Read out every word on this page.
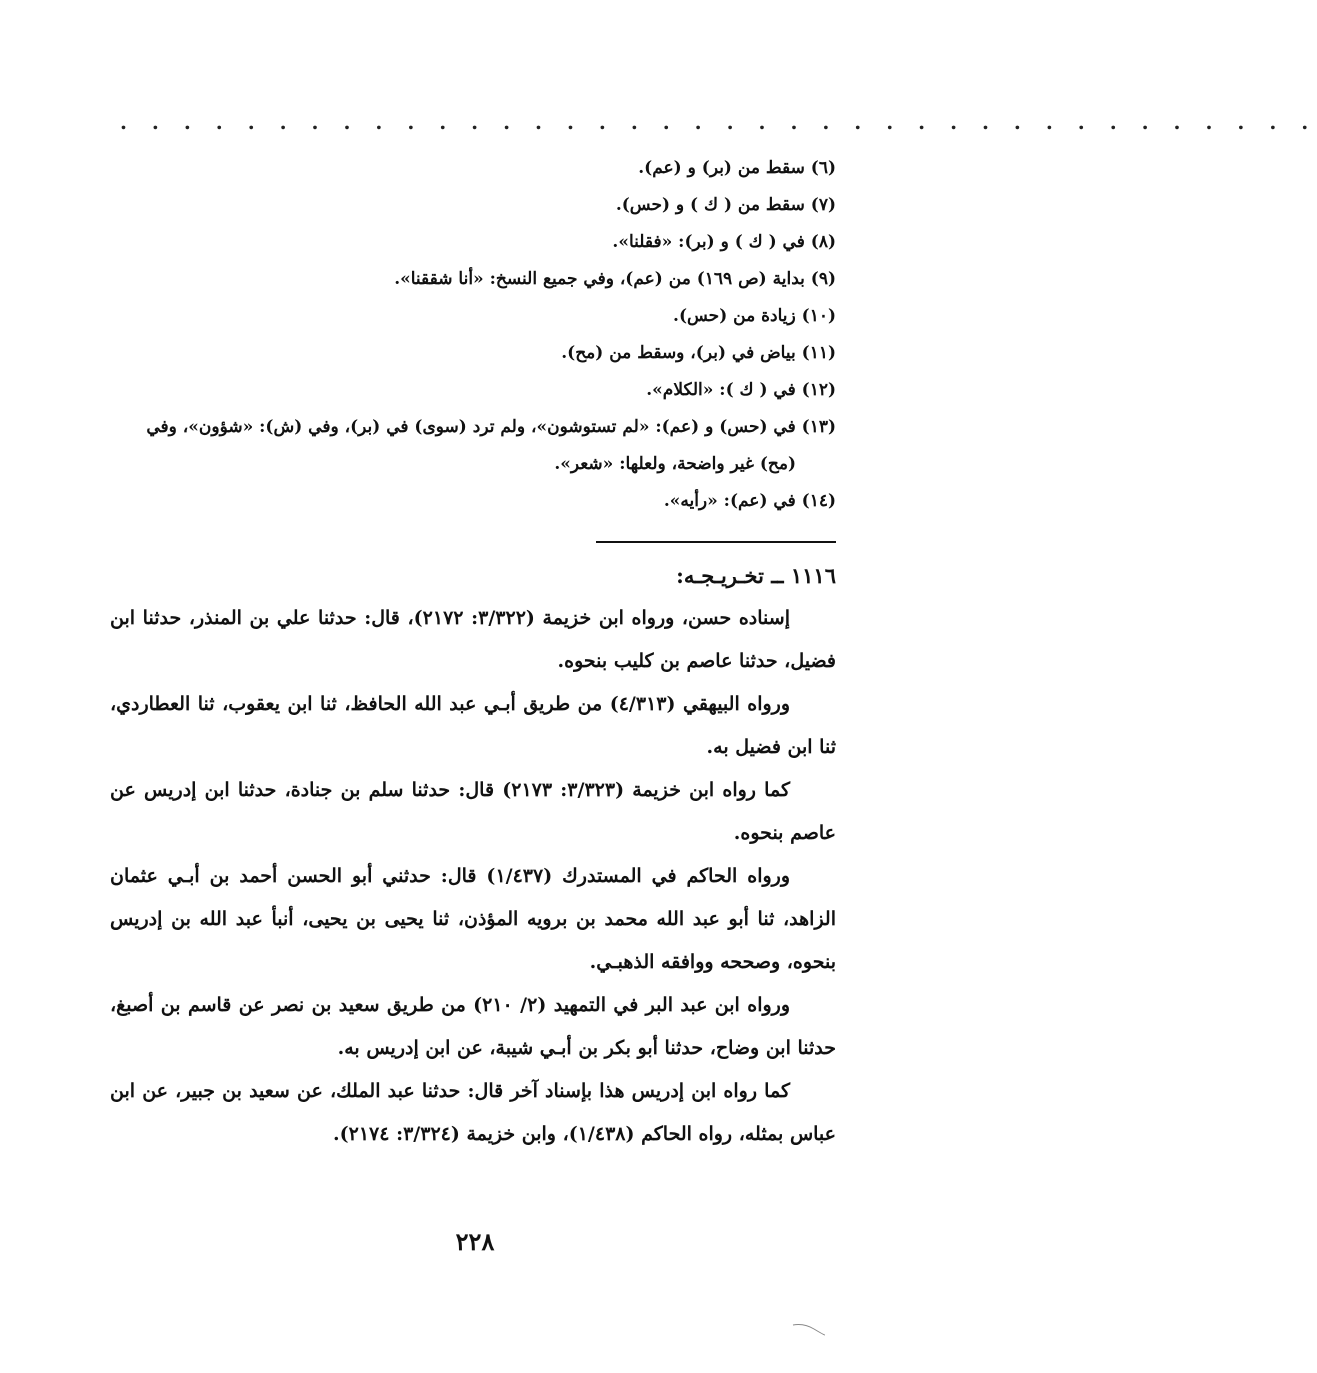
. . . . . . . . . . . . . . . . . . . . . . . . . . . . . . . . . . . . . .
(٦) سقط من (بر) و (عم).
(٧) سقط من ( ك ) و (حس).
(٨) في ( ك ) و (بر): «فقلنا».
(٩) بداية (ص ١٦٩) من (عم)، وفي جميع النسخ: «أنا شققنا».
(١٠) زيادة من (حس).
(١١) بياض في (بر)، وسقط من (مح).
(١٢) في ( ك ): «الكلام».
(١٣) في (حس) و (عم): «لم تستوشون»، ولم ترد (سوى) في (بر)، وفي (ش): «شؤون»، وفي
(مح) غير واضحة، ولعلها: «شعر».
(١٤) في (عم): «رأيه».
١١١٦ ــ تخـريـجـه:

إسناده حسن، ورواه ابن خزيمة (٣/٣٢٢: ٢١٧٢)، قال: حدثنا علي بن المنذر، حدثنا ابن فضيل، حدثنا عاصم بن كليب بنحوه.

ورواه البيهقي (٤/٣١٣) من طريق أبـي عبد الله الحافظ، ثنا ابن يعقوب، ثنا العطاردي، ثنا ابن فضيل به.

كما رواه ابن خزيمة (٣/٣٢٣: ٢١٧٣) قال: حدثنا سلم بن جنادة، حدثنا ابن إدريس عن عاصم بنحوه.

ورواه الحاكم في المستدرك (١/٤٣٧) قال: حدثني أبو الحسن أحمد بن أبـي عثمان الزاهد، ثنا أبو عبد الله محمد بن برويه المؤذن، ثنا يحيى بن يحيى، أنبأ عبد الله بن إدريس بنحوه، وصححه ووافقه الذهبـي.

ورواه ابن عبد البر في التمهيد (٢/ ٢١٠) من طريق سعيد بن نصر عن قاسم بن أصبغ، حدثنا ابن وضاح، حدثنا أبو بكر بن أبـي شيبة، عن ابن إدريس به.

كما رواه ابن إدريس هذا بإسناد آخر قال: حدثنا عبد الملك، عن سعيد بن جبير، عن ابن عباس بمثله، رواه الحاكم (١/٤٣٨)، وابن خزيمة (٣/٣٢٤: ٢١٧٤).

٢٢٨
